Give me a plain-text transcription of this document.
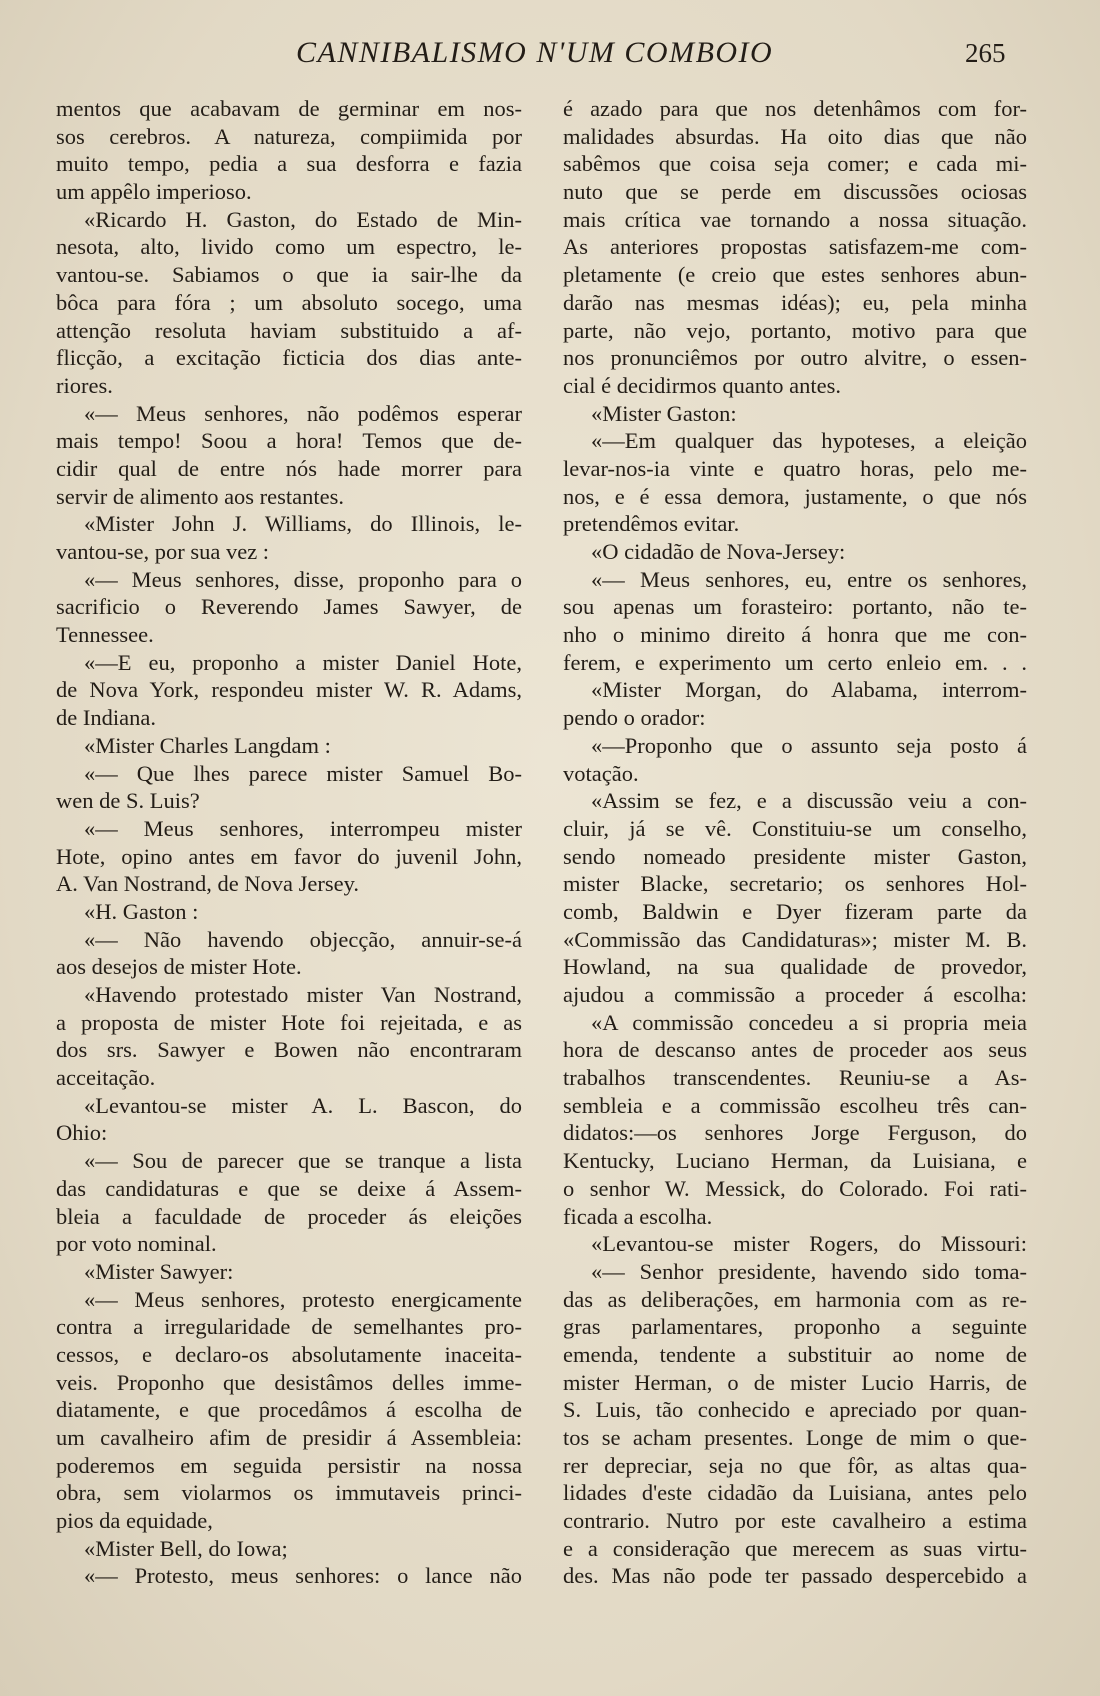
CANNIBALISMO N'UM COMBOIO	265
mentos que acabavam de germinar em nos-
sos cerebros. A natureza, compiimida por
muito tempo, pedia a sua desforra e fazia
um appêlo imperioso.
«Ricardo H. Gaston, do Estado de Min-
nesota, alto, livido como um espectro, le-
vantou-se. Sabiamos o que ia sair-lhe da
bôca para fóra ; um absoluto socego, uma
attenção resoluta haviam substituido a af-
flicção, a excitação ficticia dos dias ante-
riores.
«— Meus senhores, não podêmos esperar
mais tempo! Soou a hora! Temos que de-
cidir qual de entre nós hade morrer para
servir de alimento aos restantes.
«Mister John J. Williams, do Illinois, le-
vantou-se, por sua vez :
«— Meus senhores, disse, proponho para o
sacrificio o Reverendo James Sawyer, de
Tennessee.
«—E eu, proponho a mister Daniel Hote,
de Nova York, respondeu mister W. R. Adams,
de Indiana.
«Mister Charles Langdam :
«— Que lhes parece mister Samuel Bo-
wen de S. Luis?
«— Meus senhores, interrompeu mister
Hote, opino antes em favor do juvenil John,
A. Van Nostrand, de Nova Jersey.
«H. Gaston :
«— Não havendo objecção, annuir-se-á
aos desejos de mister Hote.
«Havendo protestado mister Van Nostrand,
a proposta de mister Hote foi rejeitada, e as
dos srs. Sawyer e Bowen não encontraram
acceitação.
«Levantou-se mister A. L. Bascon, do
Ohio:
«— Sou de parecer que se tranque a lista
das candidaturas e que se deixe á Assem-
bleia a faculdade de proceder ás eleições
por voto nominal.
«Mister Sawyer:
«— Meus senhores, protesto energicamente
contra a irregularidade de semelhantes pro-
cessos, e declaro-os absolutamente inaceita-
veis. Proponho que desistâmos delles imme-
diatamente, e que procedâmos á escolha de
um cavalheiro afim de presidir á Assembleia:
poderemos em seguida persistir na nossa
obra, sem violarmos os immutaveis princi-
pios da equidade,
«Mister Bell, do Iowa;
«— Protesto, meus senhores: o lance não
é azado para que nos detenhâmos com for-
malidades absurdas. Ha oito dias que não
sabêmos que coisa seja comer; e cada mi-
nuto que se perde em discussões ociosas
mais crítica vae tornando a nossa situação.
As anteriores propostas satisfazem-me com-
pletamente (e creio que estes senhores abun-
darão nas mesmas idéas); eu, pela minha
parte, não vejo, portanto, motivo para que
nos pronunciêmos por outro alvitre, o essen-
cial é decidirmos quanto antes.
«Mister Gaston:
«—Em qualquer das hypoteses, a eleição
levar-nos-ia vinte e quatro horas, pelo me-
nos, e é essa demora, justamente, o que nós
pretendêmos evitar.
«O cidadão de Nova-Jersey:
«— Meus senhores, eu, entre os senhores,
sou apenas um forasteiro: portanto, não te-
nho o minimo direito á honra que me con-
ferem, e experimento um certo enleio em. . .
«Mister Morgan, do Alabama, interrom-
pendo o orador:
«—Proponho que o assunto seja posto á
votação.
«Assim se fez, e a discussão veiu a con-
cluir, já se vê. Constituiu-se um conselho,
sendo nomeado presidente mister Gaston,
mister Blacke, secretario; os senhores Hol-
comb, Baldwin e Dyer fizeram parte da
«Commissão das Candidaturas»; mister M. B.
Howland, na sua qualidade de provedor,
ajudou a commissão a proceder á escolha:
«A commissão concedeu a si propria meia
hora de descanso antes de proceder aos seus
trabalhos transcendentes. Reuniu-se a As-
sembleia e a commissão escolheu três can-
didatos:—os senhores Jorge Ferguson, do
Kentucky, Luciano Herman, da Luisiana, e
o senhor W. Messick, do Colorado. Foi rati-
ficada a escolha.
«Levantou-se mister Rogers, do Missouri:
«— Senhor presidente, havendo sido toma-
das as deliberações, em harmonia com as re-
gras parlamentares, proponho a seguinte
emenda, tendente a substituir ao nome de
mister Herman, o de mister Lucio Harris, de
S. Luis, tão conhecido e apreciado por quan-
tos se acham presentes. Longe de mim o que-
rer depreciar, seja no que fôr, as altas qua-
lidades d'este cidadão da Luisiana, antes pelo
contrario. Nutro por este cavalheiro a estima
e a consideração que merecem as suas virtu-
des. Mas não pode ter passado despercebido a
